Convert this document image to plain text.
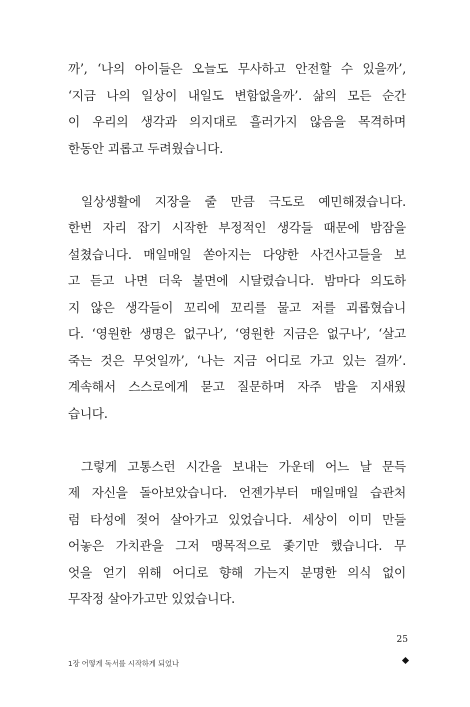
까’, ‘나의 아이들은 오늘도 무사하고 안전할 수 있을까’,
‘지금 나의 일상이 내일도 변함없을까’. 삶의 모든 순간
이 우리의 생각과 의지대로 흘러가지 않음을 목격하며
한동안 괴롭고 두려웠습니다.
일상생활에 지장을 줄 만큼 극도로 예민해졌습니다.
한번 자리 잡기 시작한 부정적인 생각들 때문에 밤잠을
설쳤습니다. 매일매일 쏟아지는 다양한 사건사고들을 보
고 듣고 나면 더욱 불면에 시달렸습니다. 밤마다 의도하
지 않은 생각들이 꼬리에 꼬리를 물고 저를 괴롭혔습니
다. ‘영원한 생명은 없구나’, ‘영원한 지금은 없구나’, ‘살고
죽는 것은 무엇일까’, ‘나는 지금 어디로 가고 있는 걸까’.
계속해서 스스로에게 묻고 질문하며 자주 밤을 지새웠
습니다.
그렇게 고통스런 시간을 보내는 가운데 어느 날 문득
제 자신을 돌아보았습니다. 언젠가부터 매일매일 습관처
럼 타성에 젖어 살아가고 있었습니다. 세상이 이미 만들
어놓은 가치관을 그저 맹목적으로 좇기만 했습니다. 무
엇을 얻기 위해 어디로 향해 가는지 분명한 의식 없이
무작정 살아가고만 있었습니다.
25
1장 어떻게 독서를 시작하게 되었나
